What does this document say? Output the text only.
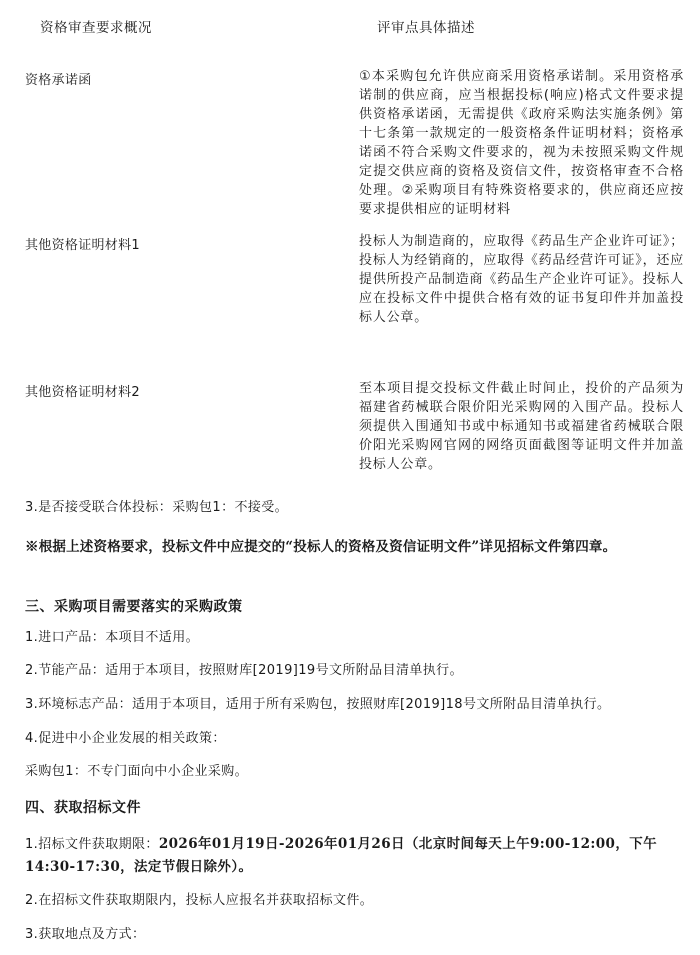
资格审查要求概况	评审点具体描述
资格承诺函	①本采购包允许供应商采用资格承诺制。采用资格承诺制的供应商，应当根据投标(响应)格式文件要求提供资格承诺函，无需提供《政府采购法实施条例》第十七条第一款规定的一般资格条件证明材料；资格承诺函不符合采购文件要求的，视为未按照采购文件规定提交供应商的资格及资信文件，按资格审查不合格处理。②采购项目有特殊资格要求的，供应商还应按要求提供相应的证明材料
其他资格证明材料1	投标人为制造商的，应取得《药品生产企业许可证》；投标人为经销商的，应取得《药品经营许可证》，还应提供所投产品制造商《药品生产企业许可证》。投标人应在投标文件中提供合格有效的证书复印件并加盖投标人公章。
其他资格证明材料2	至本项目提交投标文件截止时间止，投价的产品须为福建省药械联合限价阳光采购网的入围产品。投标人须提供入围通知书或中标通知书或福建省药械联合限价阳光采购网官网的网络页面截图等证明文件并加盖投标人公章。
3.是否接受联合体投标：采购包1：不接受。
※根据上述资格要求，投标文件中应提交的“投标人的资格及资信证明文件”详见招标文件第四章。
三、采购项目需要落实的采购政策
1.进口产品：本项目不适用。
2.节能产品：适用于本项目，按照财库[2019]19号文所附品目清单执行。
3.环境标志产品：适用于本项目，适用于所有采购包，按照财库[2019]18号文所附品目清单执行。
4.促进中小企业发展的相关政策：
采购包1：不专门面向中小企业采购。
四、获取招标文件
1.招标文件获取期限：2026年01月19日-2026年01月26日（北京时间每天上午9:00-12:00，下午14:30-17:30，法定节假日除外）。
2.在招标文件获取期限内，投标人应报名并获取招标文件。
3.获取地点及方式：
